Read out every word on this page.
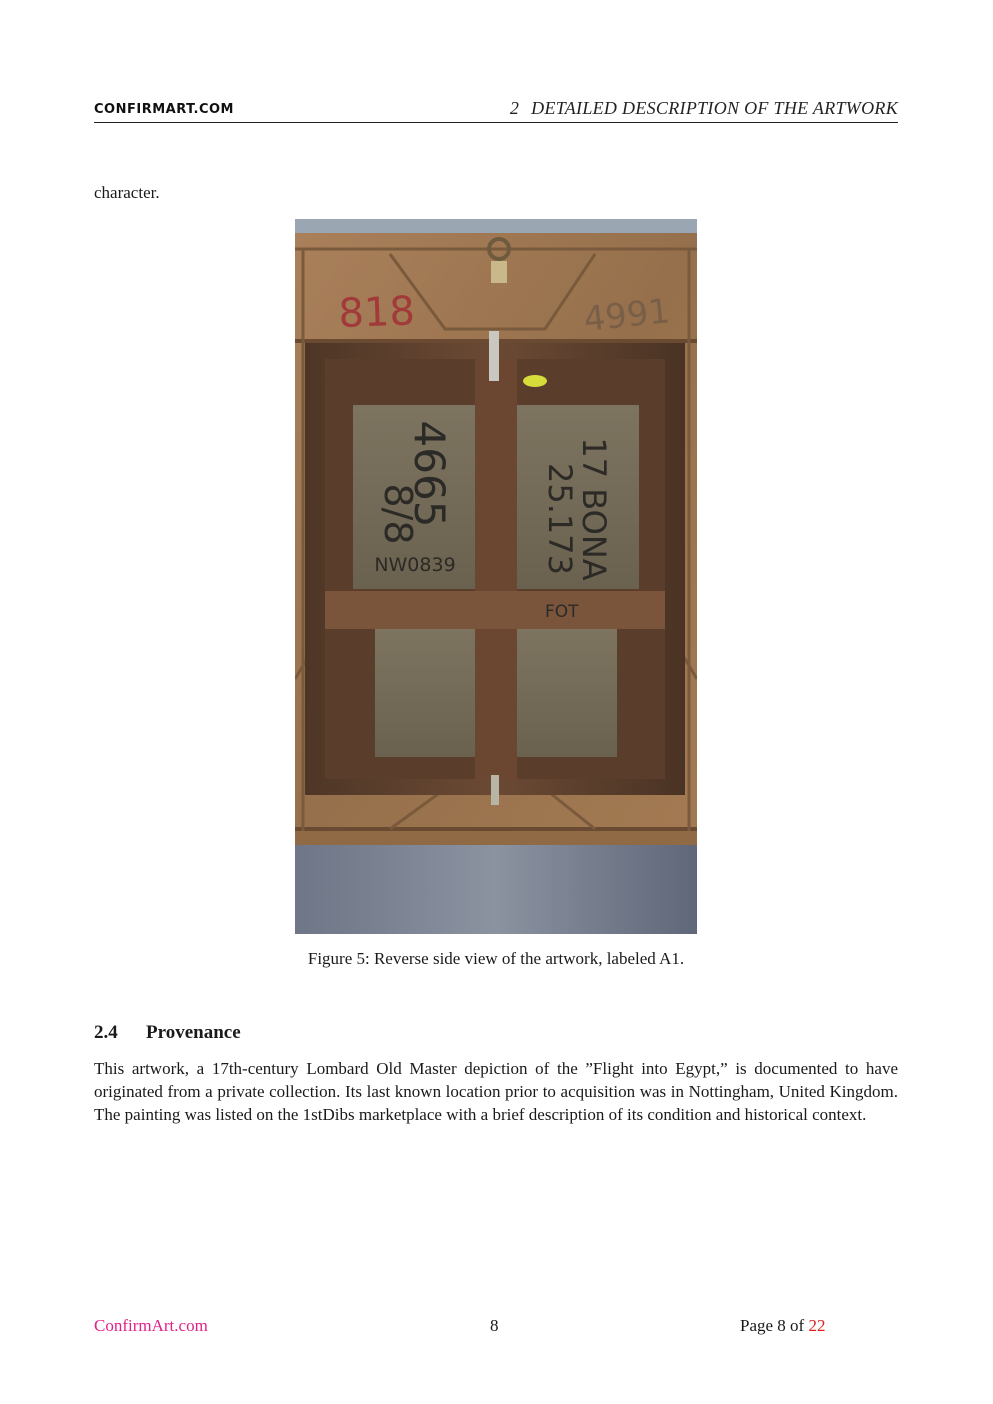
CONFIRMART.COM	2 DETAILED DESCRIPTION OF THE ARTWORK
character.
818	4991
4665
8/8
NW0839	17 BONA
25.173
FOT
Figure 5: Reverse side view of the artwork, labeled A1.
2.4 Provenance

This artwork, a 17th-century Lombard Old Master depiction of the ”Flight into Egypt,” is documented to have originated from a private collection. Its last known location prior to acquisition was in Nottingham, United Kingdom. The painting was listed on the 1stDibs marketplace with a brief description of its condition and historical context.

ConfirmArt.com	8	Page 8 of 22
